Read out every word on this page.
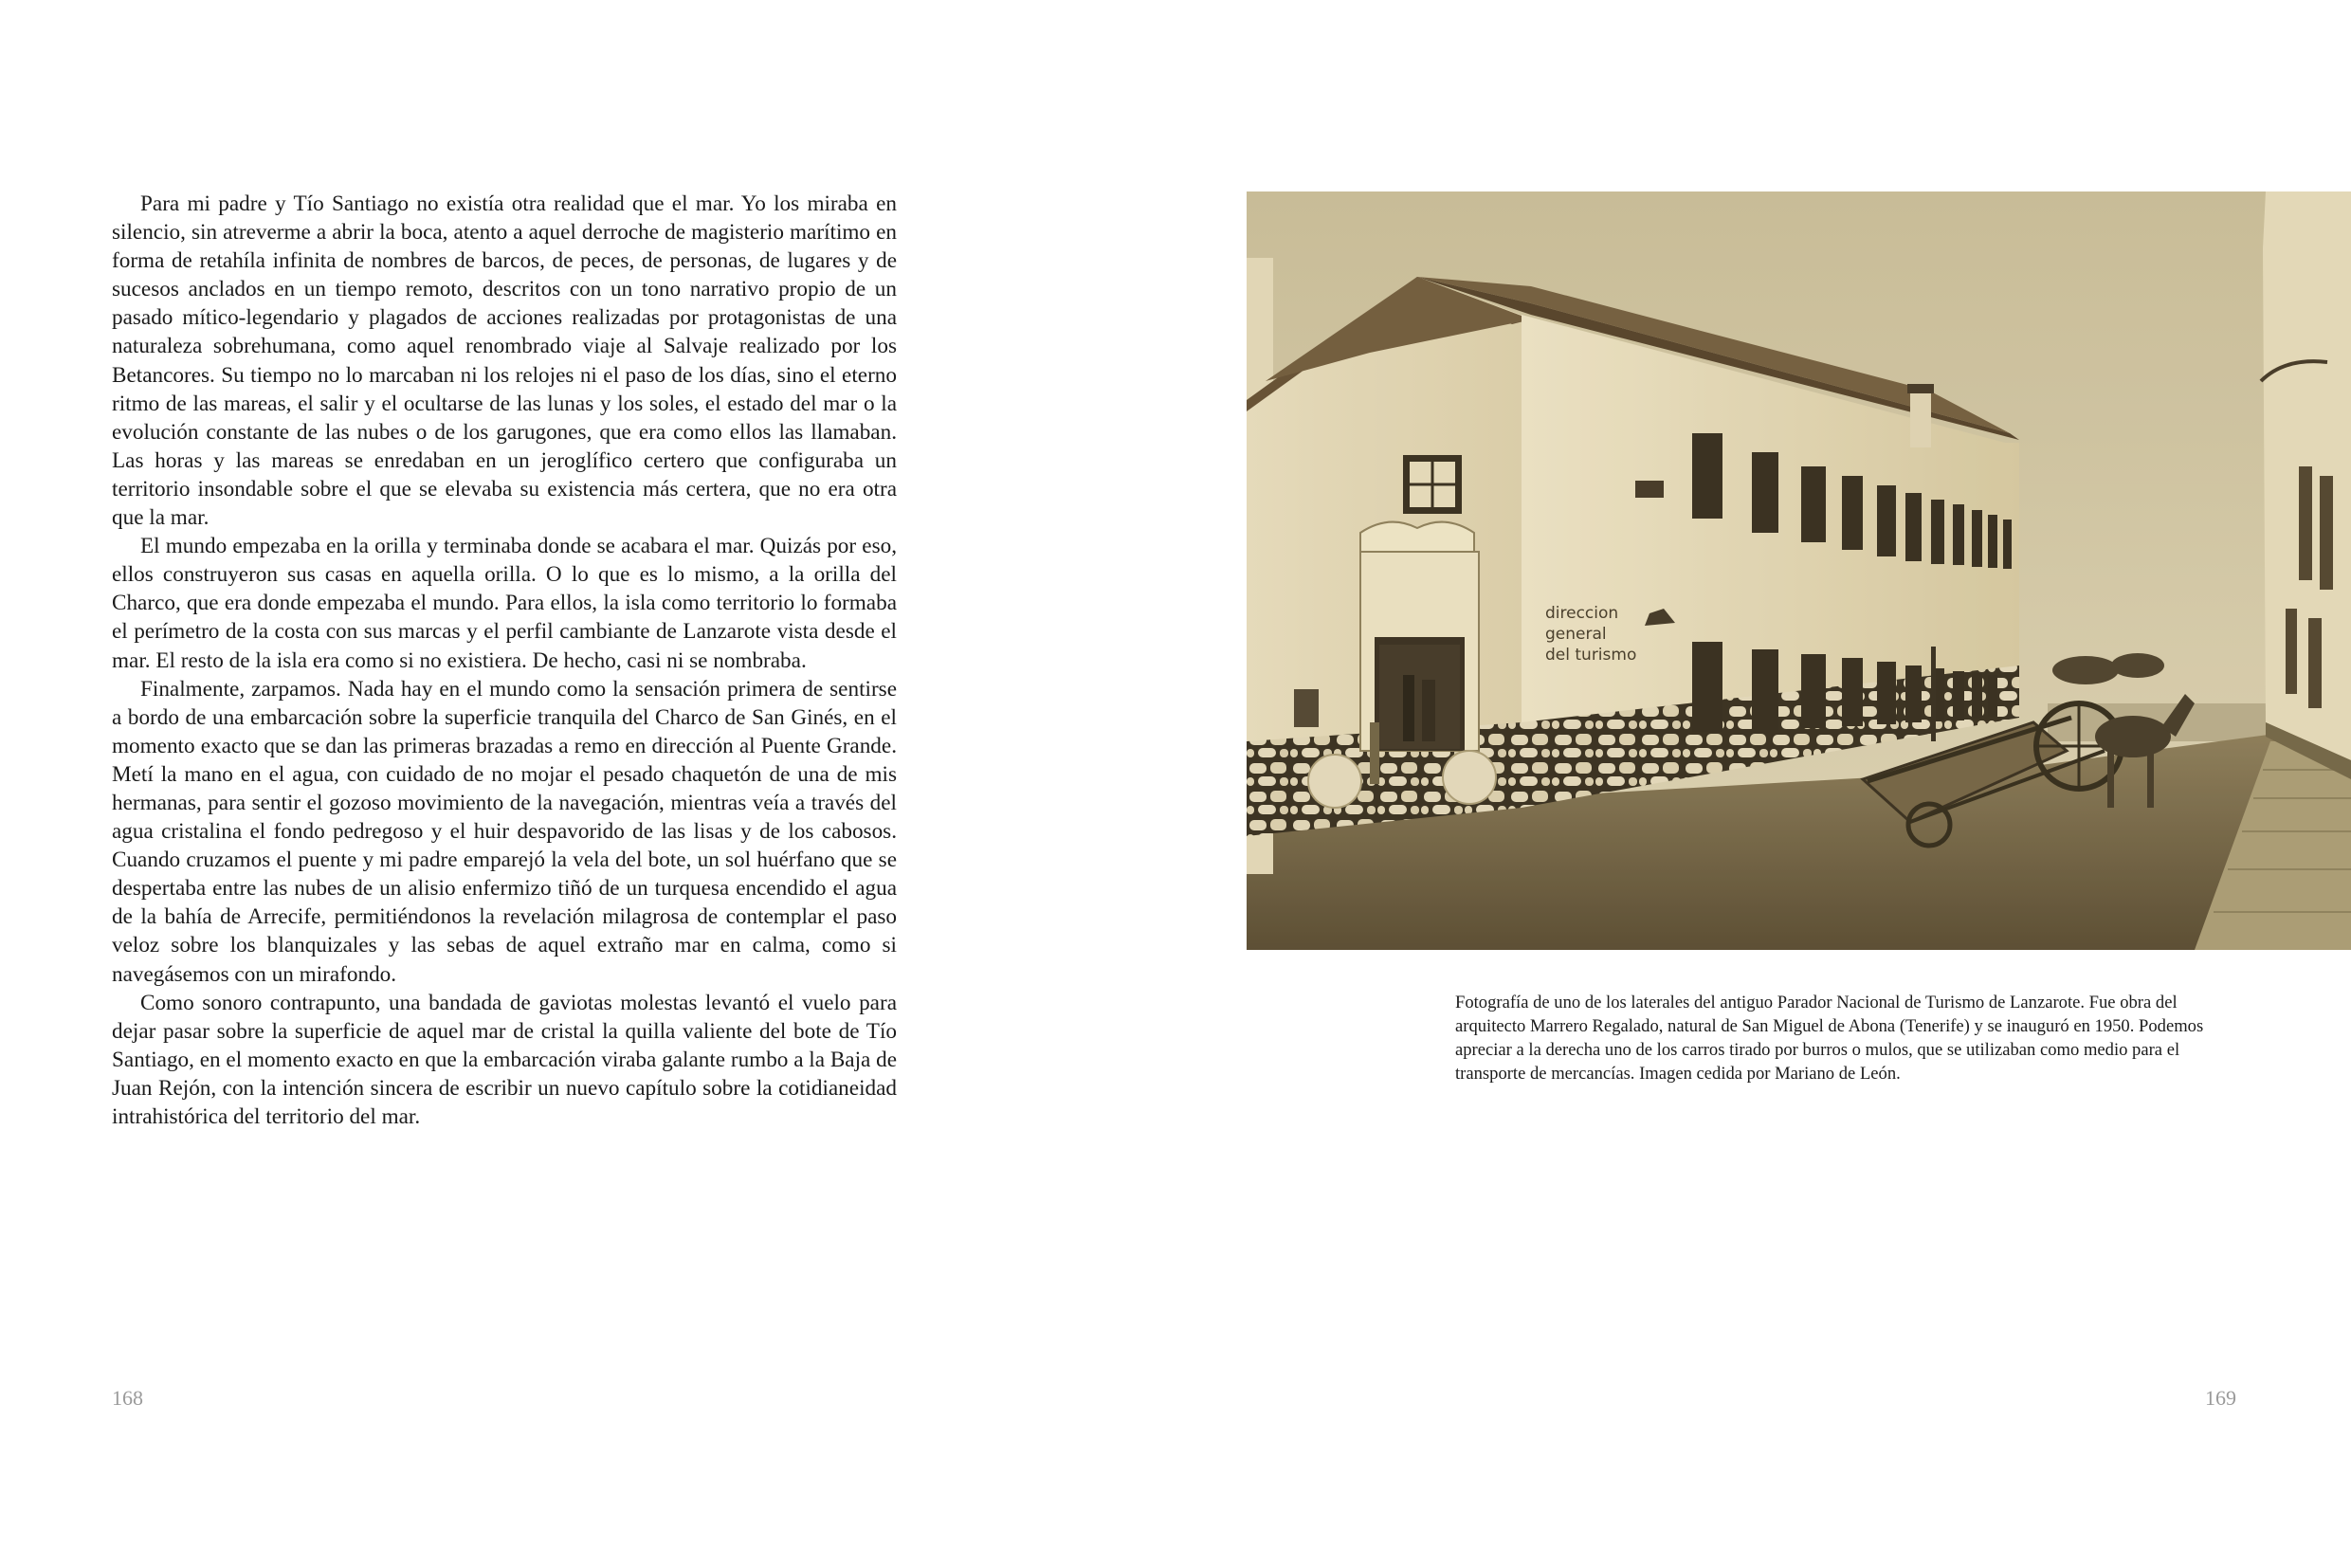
Para mi padre y Tío Santiago no existía otra realidad que el mar. Yo los miraba en silencio, sin atreverme a abrir la boca, atento a aquel derroche de magisterio marítimo en forma de retahíla infinita de nombres de barcos, de peces, de personas, de lugares y de sucesos anclados en un tiempo remoto, descritos con un tono narrativo propio de un pasado mítico-legendario y plagados de acciones realizadas por protagonistas de una naturaleza sobrehumana, como aquel renombrado viaje al Salvaje realizado por los Betancores. Su tiempo no lo marcaban ni los relojes ni el paso de los días, sino el eterno ritmo de las mareas, el salir y el ocultarse de las lunas y los soles, el estado del mar o la evolución constante de las nubes o de los garugones, que era como ellos las llamaban. Las horas y las mareas se enredaban en un jeroglífico certero que configuraba un territorio insondable sobre el que se elevaba su existencia más certera, que no era otra que la mar.

El mundo empezaba en la orilla y terminaba donde se acabara el mar. Quizás por eso, ellos construyeron sus casas en aquella orilla. O lo que es lo mismo, a la orilla del Charco, que era donde empezaba el mundo. Para ellos, la isla como territorio lo formaba el perímetro de la costa con sus marcas y el perfil cambiante de Lanzarote vista desde el mar. El resto de la isla era como si no existiera. De hecho, casi ni se nombraba.

Finalmente, zarpamos. Nada hay en el mundo como la sensación primera de sentirse a bordo de una embarcación sobre la superficie tranquila del Charco de San Ginés, en el momento exacto que se dan las primeras brazadas a remo en dirección al Puente Grande. Metí la mano en el agua, con cuidado de no mojar el pesado chaquetón de una de mis hermanas, para sentir el gozoso movimiento de la navegación, mientras veía a través del agua cristalina el fondo pedregoso y el huir despavorido de las lisas y de los cabosos. Cuando cruzamos el puente y mi padre emparejó la vela del bote, un sol huérfano que se despertaba entre las nubes de un alisio enfermizo tiñó de un turquesa encendido el agua de la bahía de Arrecife, permitiéndonos la revelación milagrosa de contemplar el paso veloz sobre los blanquizales y las sebas de aquel extraño mar en calma, como si navegásemos con un mirafondo.

Como sonoro contrapunto, una bandada de gaviotas molestas levantó el vuelo para dejar pasar sobre la superficie de aquel mar de cristal la quilla valiente del bote de Tío Santiago, en el momento exacto en que la embarcación viraba galante rumbo a la Baja de Juan Rejón, con la intención sincera de escribir un nuevo capítulo sobre la cotidianeidad intrahistórica del territorio del mar.

168
direccion
general
del turismo

Fotografía de uno de los laterales del antiguo Parador Nacional de Turismo de Lanzarote. Fue obra del arquitecto Marrero Regalado, natural de San Miguel de Abona (Tenerife) y se inauguró en 1950. Podemos apreciar a la derecha uno de los carros tirado por burros o mulos, que se utilizaban como medio para el transporte de mercancías. Imagen cedida por Mariano de León.

169
